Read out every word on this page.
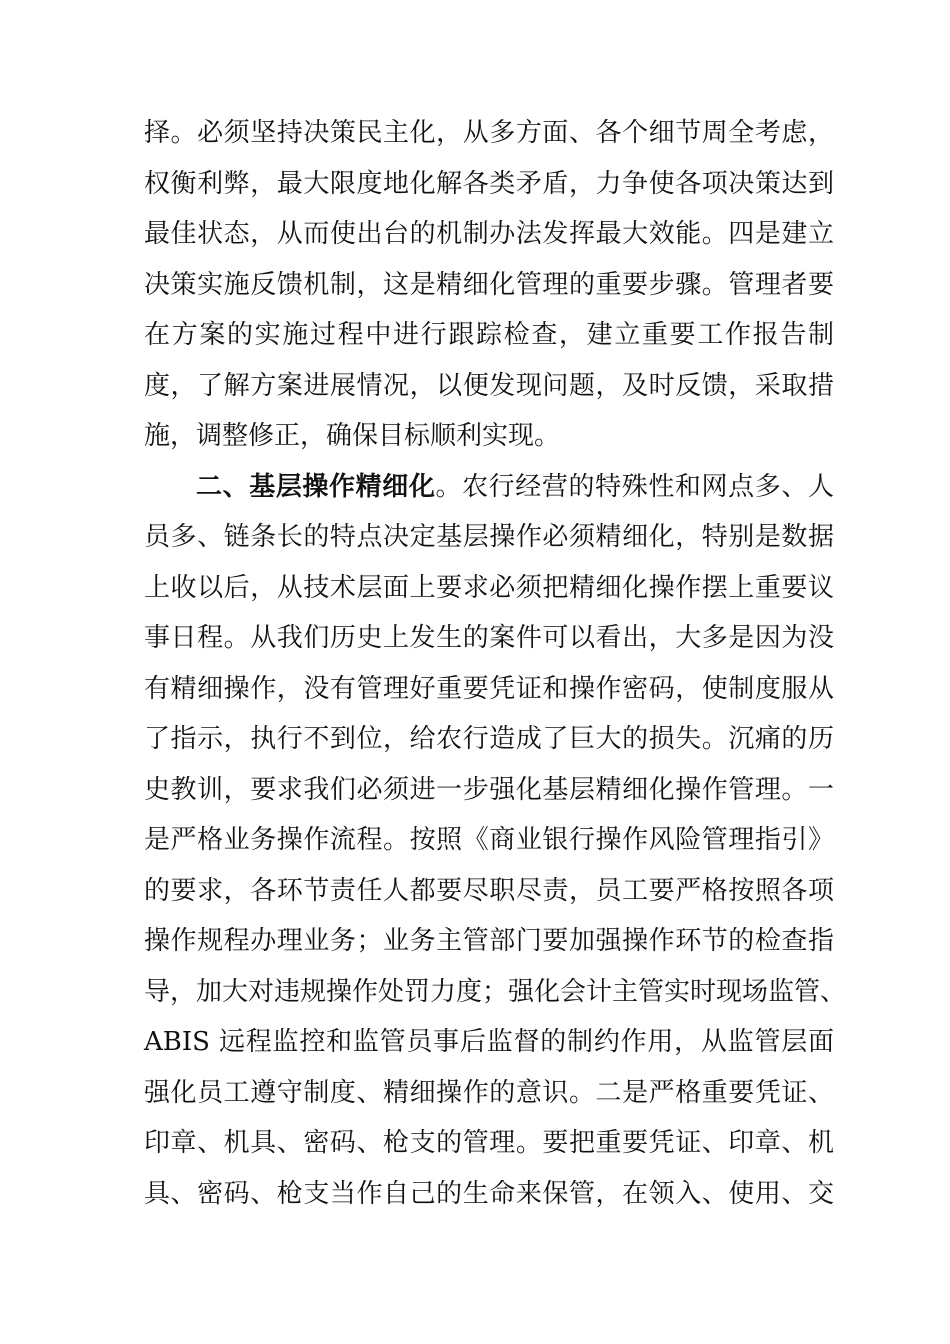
择。必须坚持决策民主化，从多方面、各个细节周全考虑，
权衡利弊，最大限度地化解各类矛盾，力争使各项决策达到
最佳状态，从而使出台的机制办法发挥最大效能。四是建立
决策实施反馈机制，这是精细化管理的重要步骤。管理者要
在方案的实施过程中进行跟踪检查，建立重要工作报告制
度，了解方案进展情况，以便发现问题，及时反馈，采取措
施，调整修正，确保目标顺利实现。
二、基层操作精细化。农行经营的特殊性和网点多、人
员多、链条长的特点决定基层操作必须精细化，特别是数据
上收以后，从技术层面上要求必须把精细化操作摆上重要议
事日程。从我们历史上发生的案件可以看出，大多是因为没
有精细操作，没有管理好重要凭证和操作密码，使制度服从
了指示，执行不到位，给农行造成了巨大的损失。沉痛的历
史教训，要求我们必须进一步强化基层精细化操作管理。一
是严格业务操作流程。按照《商业银行操作风险管理指引》
的要求，各环节责任人都要尽职尽责，员工要严格按照各项
操作规程办理业务；业务主管部门要加强操作环节的检查指
导，加大对违规操作处罚力度；强化会计主管实时现场监管、
ABIS 远程监控和监管员事后监督的制约作用，从监管层面
强化员工遵守制度、精细操作的意识。二是严格重要凭证、
印章、机具、密码、枪支的管理。要把重要凭证、印章、机
具、密码、枪支当作自己的生命来保管，在领入、使用、交
